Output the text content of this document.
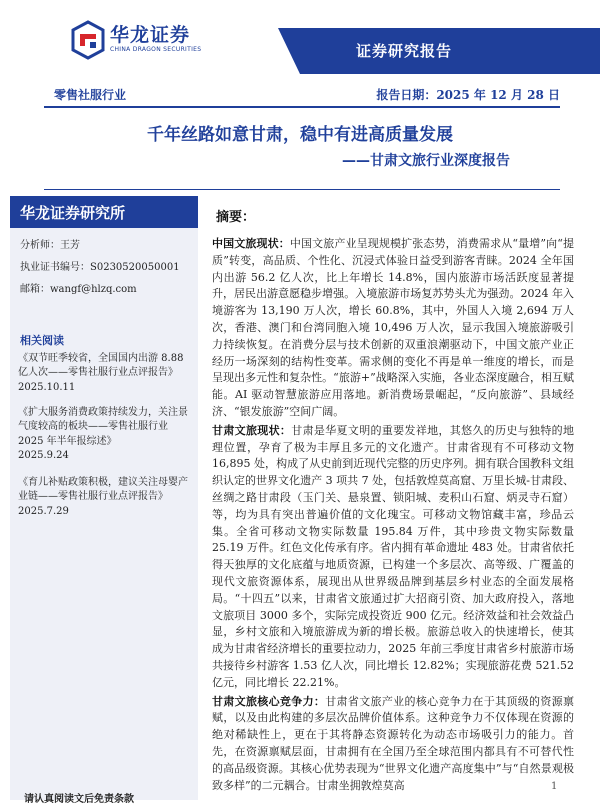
华龙证券
CHINA DRAGON SECURITIES	证券研究报告
零售社服行业	报告日期：2025 年 12 月 28 日
千年丝路如意甘肃，稳中有进高质量发展
——甘肃文旅行业深度报告
华龙证券研究所
分析师：王芳
执业证书编号：S0230520050001
邮箱：wangf@hlzq.com
相关阅读
《双节旺季较省，全国国内出游 8.88 亿人次——零售社服行业点评报告》
2025.10.11
《扩大服务消费政策持续发力，关注景气度较高的板块——零售社服行业 2025 年半年报综述》
2025.9.24
《育儿补贴政策积极，建议关注母婴产业链——零售社服行业点评报告》
2025.7.29
摘要：

中国文旅现状：中国文旅产业呈现规模扩张态势，消费需求从“量增”向“提质”转变，高品质、个性化、沉浸式体验日益受到游客青睐。2024 全年国内出游 56.2 亿人次，比上年增长 14.8%，国内旅游市场活跃度显著提升，居民出游意愿稳步增强。入境旅游市场复苏势头尤为强劲。2024 年入境游客为 13,190 万人次，增长 60.8%，其中，外国人入境 2,694 万人次，香港、澳门和台湾同胞入境 10,496 万人次，显示我国入境旅游吸引力持续恢复。在消费分层与技术创新的双重浪潮驱动下，中国文旅产业正经历一场深刻的结构性变革。需求侧的变化不再是单一维度的增长，而是呈现出多元性和复杂性。“旅游+”战略深入实施，各业态深度融合，相互赋能。AI 驱动智慧旅游应用落地。新消费场景崛起，“反向旅游”、县域经济、“银发旅游”空间广阔。

甘肃文旅现状：甘肃是华夏文明的重要发祥地，其悠久的历史与独特的地理位置，孕育了极为丰厚且多元的文化遗产。甘肃省现有不可移动文物 16,895 处，构成了从史前到近现代完整的历史序列。拥有联合国教科文组织认定的世界文化遗产 3 项共 7 处，包括敦煌莫高窟、万里长城-甘肃段、丝绸之路甘肃段（玉门关、悬泉置、锁阳城、麦积山石窟、炳灵寺石窟）等，均为具有突出普遍价值的文化瑰宝。可移动文物馆藏丰富，珍品云集。全省可移动文物实际数量 195.84 万件，其中珍贵文物实际数量 25.19 万件。红色文化传承有序。省内拥有革命遗址 483 处。甘肃省依托得天独厚的文化底蕴与地质资源，已构建一个多层次、高等级、广覆盖的现代文旅资源体系，展现出从世界级品牌到基层乡村业态的全面发展格局。“十四五”以来，甘肃省文旅通过扩大招商引资、加大政府投入，落地文旅项目 3000 多个，实际完成投资近 900 亿元。经济效益和社会效益凸显，乡村文旅和入境旅游成为新的增长极。旅游总收入的快速增长，使其成为甘肃省经济增长的重要拉动力，2025 年前三季度甘肃省乡村旅游市场共接待乡村游客 1.53 亿人次，同比增长 12.82%；实现旅游花费 521.52 亿元，同比增长 22.21%。

甘肃文旅核心竞争力：甘肃省文旅产业的核心竞争力在于其顶级的资源禀赋，以及由此构建的多层次品牌价值体系。这种竞争力不仅体现在资源的绝对稀缺性上，更在于其将静态资源转化为动态市场吸引力的能力。首先，在资源禀赋层面，甘肃拥有在全国乃至全球范围内都具有不可替代性的高品级资源。其核心优势表现为“世界文化遗产高度集中”与“自然景观极致多样”的二元耦合。甘肃坐拥敦煌莫高	1
请认真阅读文后免责条款
